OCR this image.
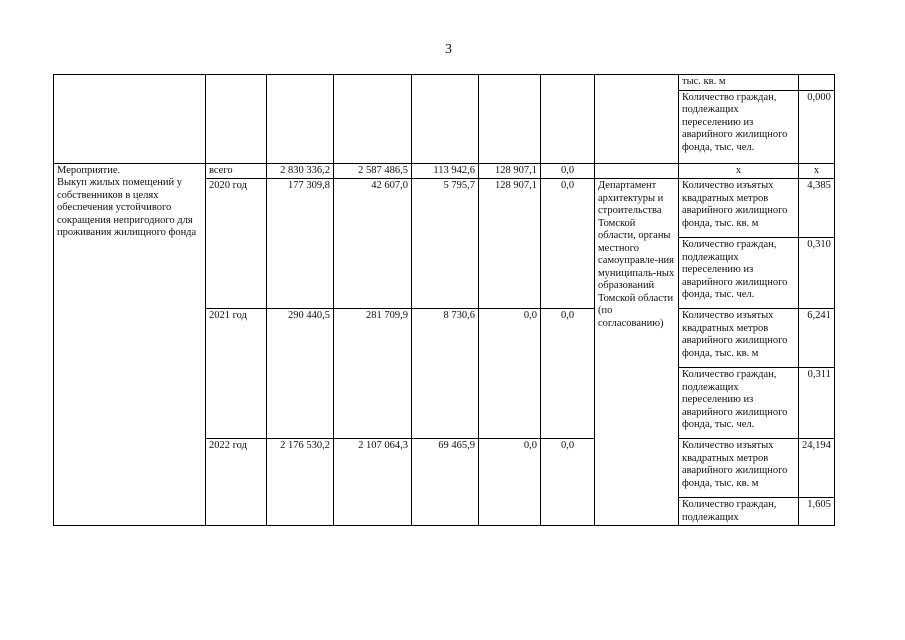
3
								тыс. кв. м	
								Количество граждан, подлежащих переселению из аварийного жилищного фонда, тыс. чел.	0,000

Мероприятие.
Выкуп жилых помещений у собственников в целях обеспечения устойчивого сокращения непригодного для проживания жилищного фонда	всего	2 830 336,2	2 587 486,5	113 942,6	128 907,1	0,0		х	х
	2020 год	177 309,8	42 607,0	5 795,7	128 907,1	0,0	Департамент архитектуры и строительства Томской области, органы местного самоуправле-ния муниципаль-ных образований Томской области (по согласованию)	Количество изъятых квадратных метров аварийного жилищного фонда, тыс. кв. м	4,385
								Количество граждан, подлежащих переселению из аварийного жилищного фонда, тыс. чел.	0,310
	2021 год	290 440,5	281 709,9	8 730,6	0,0	0,0		Количество изъятых квадратных метров аварийного жилищного фонда, тыс. кв. м	6,241
								Количество граждан, подлежащих переселению из аварийного жилищного фонда, тыс. чел.	0,311
	2022 год	2 176 530,2	2 107 064,3	69 465,9	0,0	0,0		Количество изъятых квадратных метров аварийного жилищного фонда, тыс. кв. м	24,194
								Количество граждан, подлежащих	1,605
